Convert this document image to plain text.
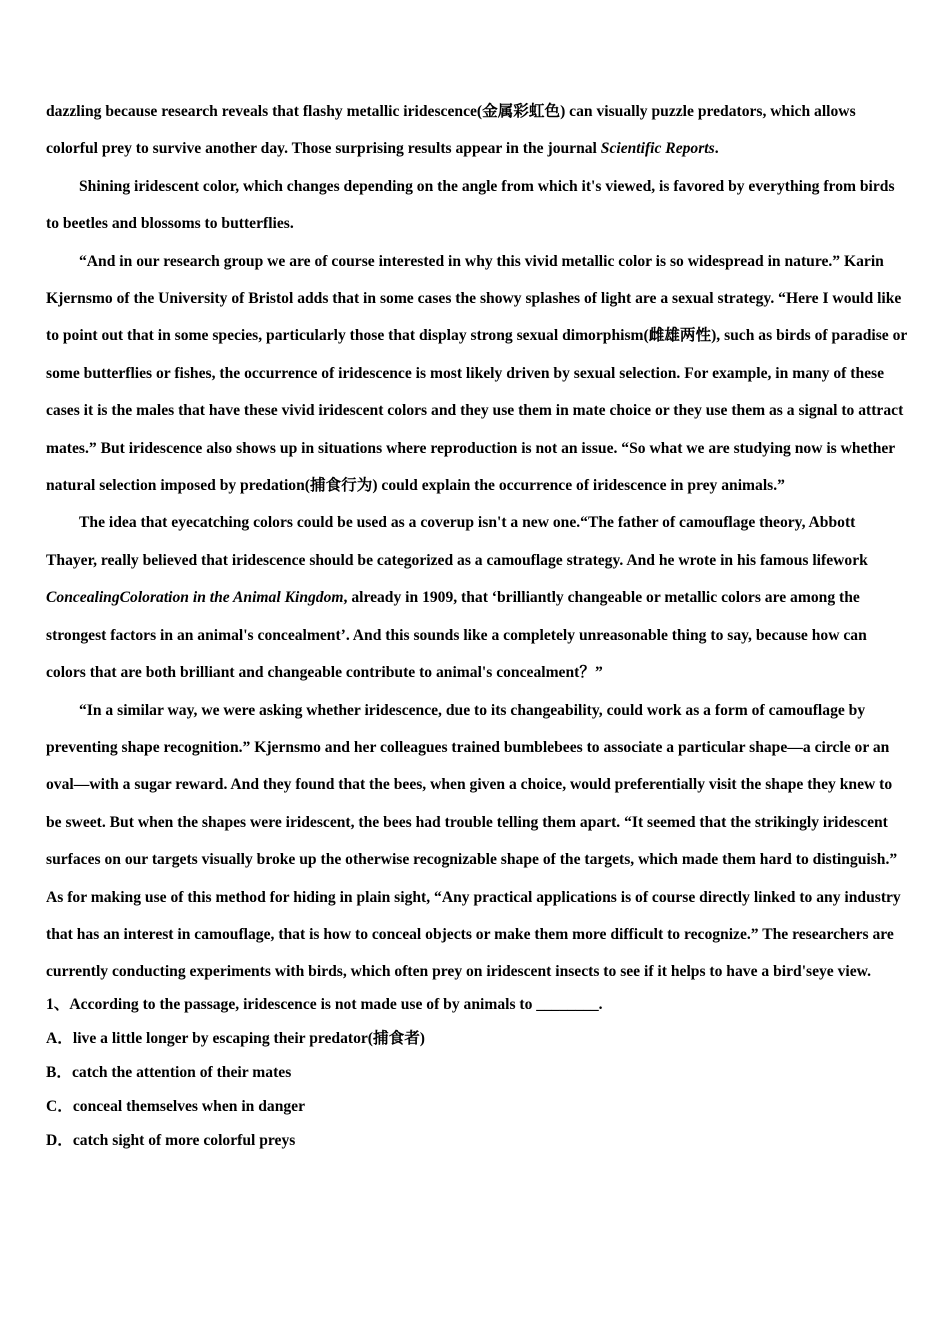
dazzling because research reveals that flashy metallic iridescence(金属彩虹色) can visually puzzle predators, which allows colorful prey to survive another day. Those surprising results appear in the journal Scientific Reports.

Shining iridescent color, which changes depending on the angle from which it's viewed, is favored by everything from birds to beetles and blossoms to butterflies.

“And in our research group we are of course interested in why this vivid metallic color is so widespread in nature.” Karin Kjernsmo of the University of Bristol adds that in some cases the showy splashes of light are a sexual strategy. “Here I would like to point out that in some species, particularly those that display strong sexual dimorphism(雌雄两性), such as birds of paradise or some butterflies or fishes, the occurrence of iridescence is most likely driven by sexual selection. For example, in many of these cases it is the males that have these vivid iridescent colors and they use them in mate choice or they use them as a signal to attract mates.” But iridescence also shows up in situations where reproduction is not an issue. “So what we are studying now is whether natural selection imposed by predation(捕食行为) could explain the occurrence of iridescence in prey animals.”

The idea that eyecatching colors could be used as a coverup isn't a new one.“The father of camouflage theory, Abbott Thayer, really believed that iridescence should be categorized as a camouflage strategy. And he wrote in his famous lifework ConcealingColoration in the Animal Kingdom, already in 1909, that ‘brilliantly changeable or metallic colors are among the strongest factors in an animal's concealment’. And this sounds like a completely unreasonable thing to say, because how can colors that are both brilliant and changeable contribute to animal's concealment？”

“In a similar way, we were asking whether iridescence, due to its changeability, could work as a form of camouflage by preventing shape recognition.” Kjernsmo and her colleagues trained bumblebees to associate a particular shape—a circle or an oval—with a sugar reward. And they found that the bees, when given a choice, would preferentially visit the shape they knew to be sweet. But when the shapes were iridescent, the bees had trouble telling them apart. “It seemed that the strikingly iridescent surfaces on our targets visually broke up the otherwise recognizable shape of the targets, which made them hard to distinguish.” As for making use of this method for hiding in plain sight, “Any practical applications is of course directly linked to any industry that has an interest in camouflage, that is how to conceal objects or make them more difficult to recognize.” The researchers are currently conducting experiments with birds, which often prey on iridescent insects to see if it helps to have a bird'seye view.

1、According to the passage, iridescence is not made use of by animals to ________.

A．live a little longer by escaping their predator(捕食者)

B．catch the attention of their mates

C．conceal themselves when in danger

D．catch sight of more colorful preys
